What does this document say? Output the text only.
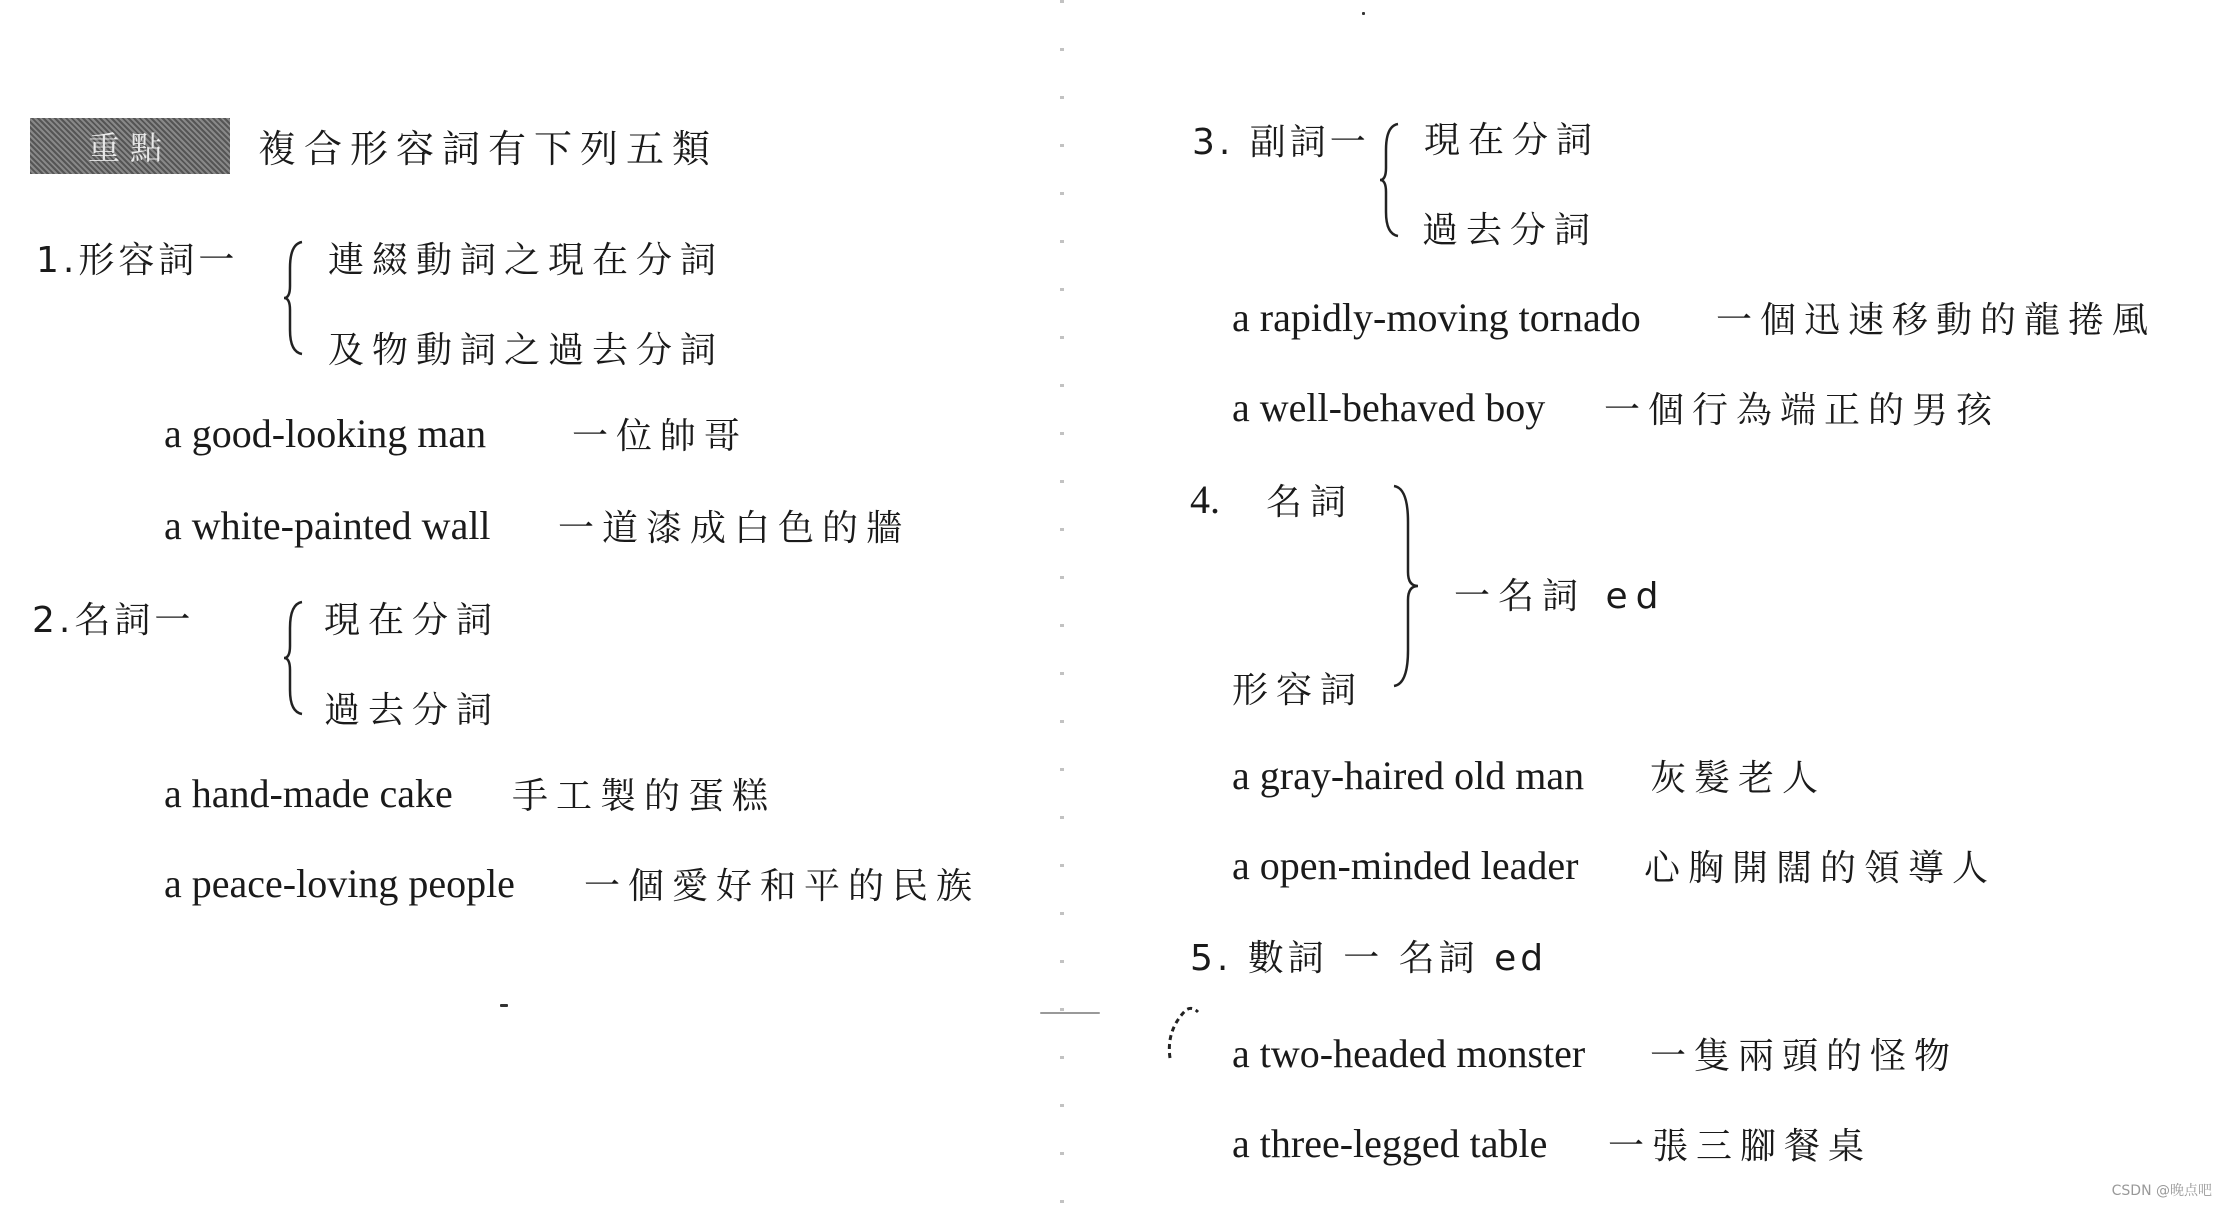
重點	複合形容詞有下列五類
1.形容詞一 連綴動詞之現在分詞
及物動詞之過去分詞
a good-looking man 一位帥哥
a white-painted wall 一道漆成白色的牆
2.名詞一	現在分詞
過去分詞
a hand-made cake 手工製的蛋糕
a peace-loving people 一個愛好和平的民族
3. 副詞一 現在分詞
過去分詞
a rapidly-moving tornado 一個迅速移動的龍捲風
a well-behaved boy 一個行為端正的男孩
4. 名詞
形容詞
一名詞 ed
a gray-haired old man 灰髮老人
a open-minded leader 心胸開闊的領導人
5. 數詞 一 名詞 ed
a two-headed monster 一隻兩頭的怪物
a three-legged table 一張三腳餐桌
CSDN @晚点吧
